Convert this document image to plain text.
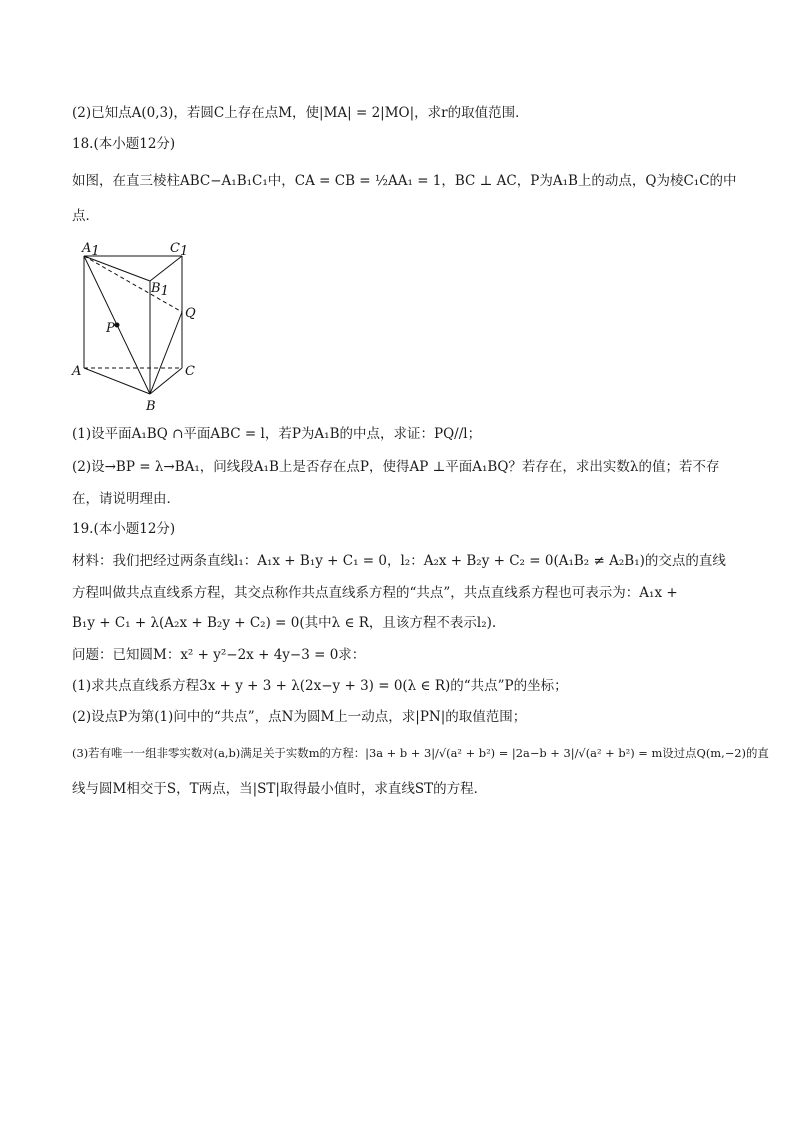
(2)已知点A(0,3)，若圆C上存在点M，使|MA| = 2|MO|，求r的取值范围．
18.(本小题12分)
如图，在直三棱柱ABC−A₁B₁C₁中，CA = CB = ½AA₁ = 1，BC ⊥ AC，P为A₁B上的动点，Q为棱C₁C的中
点．
A1	C1
B1
P
Q
A	C
B
(1)设平面A₁BQ ∩平面ABC = l，若P为A₁B的中点，求证：PQ//l；
(2)设→BP = λ→BA₁，问线段A₁B上是否存在点P，使得AP ⊥平面A₁BQ？若存在，求出实数λ的值；若不存
在，请说明理由．
19.(本小题12分)
材料：我们把经过两条直线l₁：A₁x + B₁y + C₁ = 0，l₂：A₂x + B₂y + C₂ = 0(A₁B₂ ≠ A₂B₁)的交点的直线
方程叫做共点直线系方程，其交点称作共点直线系方程的“共点”，共点直线系方程也可表示为：A₁x +
B₁y + C₁ + λ(A₂x + B₂y + C₂) = 0(其中λ ∈ R，且该方程不表示l₂).
问题：已知圆M：x² + y²−2x + 4y−3 = 0求：
(1)求共点直线系方程3x + y + 3 + λ(2x−y + 3) = 0(λ ∈ R)的“共点”P的坐标；
(2)设点P为第(1)问中的“共点”，点N为圆M上一动点，求|PN|的取值范围；
(3)若有唯一一组非零实数对(a,b)满足关于实数m的方程：|3a + b + 3|/√(a² + b²) = |2a−b + 3|/√(a² + b²) = m设过点Q(m,−2)的直
线与圆M相交于S，T两点，当|ST|取得最小值时，求直线ST的方程．
